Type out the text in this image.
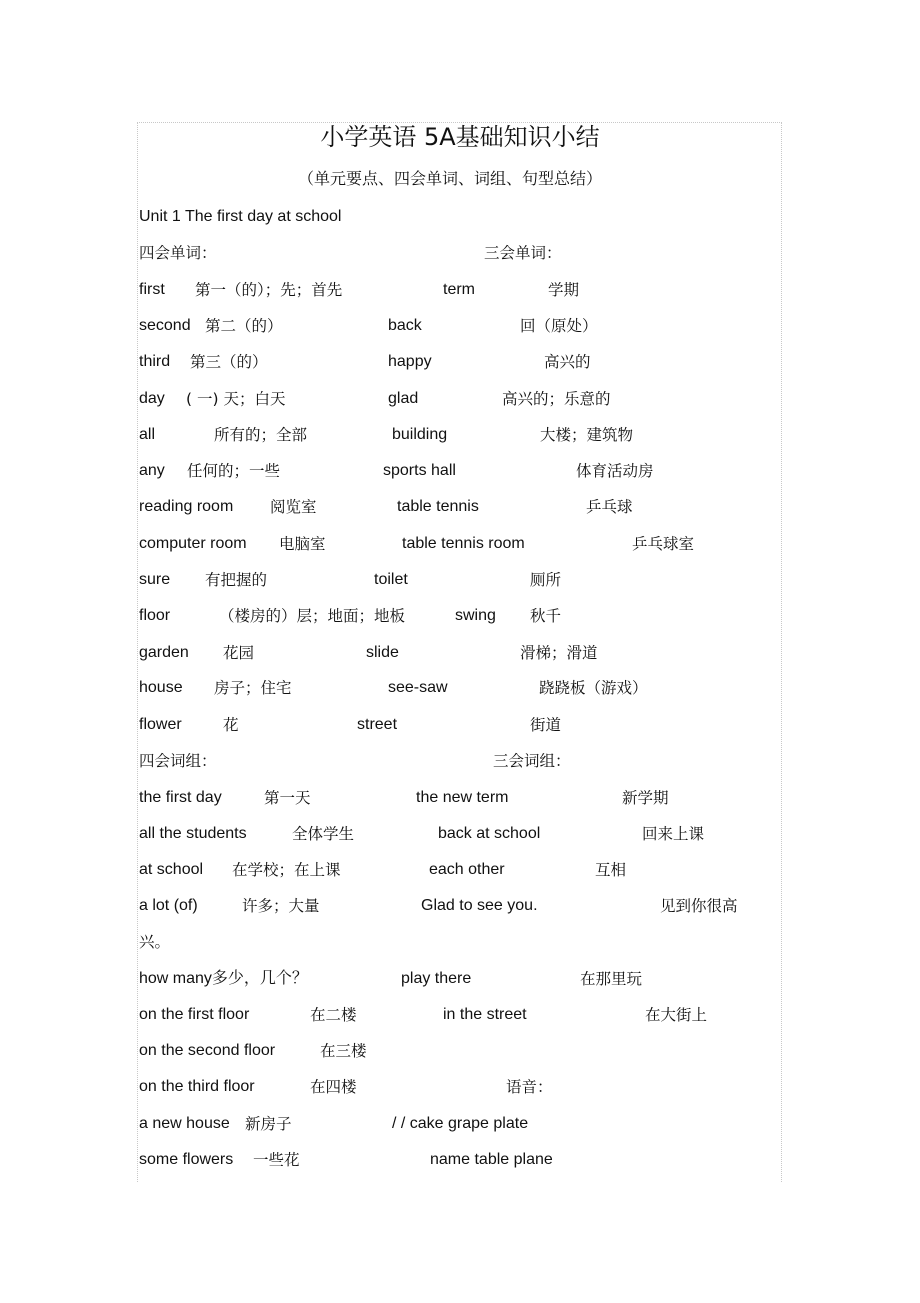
小学英语 5A基础知识小结
（单元要点、四会单词、词组、句型总结）
Unit 1 The first day at school
四会单词：	三会单词：
first 第一（的）；先；首先	term	学期
second 第二（的）	back	回（原处）
third 第三（的）	happy	高兴的
day ( 一) 天；白天	glad	高兴的；乐意的
all	所有的；全部	building	大楼；建筑物
any 任何的；一些	sports hall	体育活动房
reading room 阅览室	table tennis	乒乓球
computer room 电脑室	table tennis room	乒乓球室
sure 有把握的	toilet	厕所
floor	（楼房的）层；地面；地板	swing 秋千
garden 花园	slide	滑梯；滑道
house 房子；住宅	see-saw	跷跷板（游戏）
flower	花	street	街道
四会词组：	三会词组：
the first day	第一天	the new term	新学期
all the students	全体学生	back at school	回来上课
at school 在学校；在上课	each other	互相
a lot (of)	许多；大量	Glad to see you.	见到你很高
兴。
how many多少，几个？	play there	在那里玩
on the first floor	在二楼	in the street	在大街上
on the second floor	在三楼
on the third floor	在四楼	语音：
a new house 新房子	/ / cake grape plate
some flowers 一些花	name table plane
